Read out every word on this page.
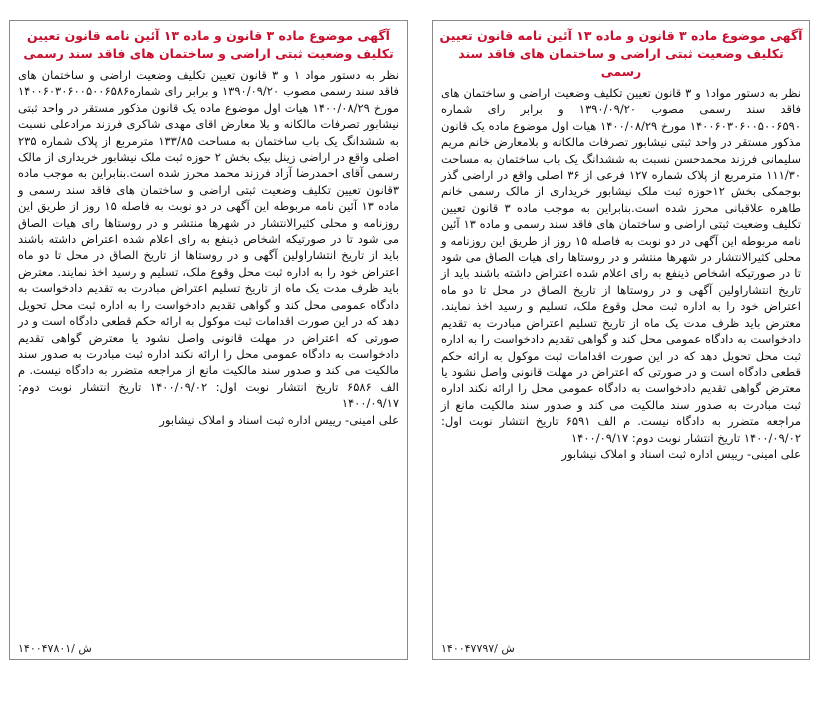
آگهی موضوع ماده ۳ قانون و ماده ۱۳ آئین نامه قانون تعیین تکلیف وضعیت ثبتی اراضی و ساختمان های فاقد سند رسمی

نظر به دستور مواد۱ و ۳ قانون تعیین تکلیف وضعیت اراضی و ساختمان های فاقد سند رسمی مصوب ۱۳۹۰/۰۹/۲۰ و برابر رای شماره ۱۴۰۰۶۰۳۰۶۰۰۵۰۰۶۵۹۰ مورخ ۱۴۰۰/۰۸/۲۹ هیات اول موضوع ماده یک قانون مذکور مستقر در واحد ثبتی نیشابور تصرفات مالکانه و بلامعارض خانم مریم سلیمانی فرزند محمدحسن نسبت به ششدانگ یک باب ساختمان به مساحت ۱۱۱/۳۰ مترمربع از پلاک شماره ۱۲۷ فرعی از ۳۶ اصلی واقع در اراضی گذر بوجمکی بخش ۱۲حوزه ثبت ملک نیشابور خریداری از مالک رسمی خانم طاهره علاقبانی محرز شده است.بنابراین به موجب ماده ۳ قانون تعیین تکلیف وضعیت ثبتی اراضی و ساختمان های فاقد سند رسمی و ماده ۱۳ آئین نامه مربوطه این آگهی در دو نوبت به فاصله ۱۵ روز از طریق این روزنامه و محلی کثیرالانتشار در شهرها منتشر و در روستاها رای هیات الصاق می شود تا در صورتیکه اشخاص ذینفع به رای اعلام شده اعتراض داشته باشند باید از تاریخ انتشاراولین آگهی و در روستاها از تاریخ الصاق در محل تا دو ماه اعتراض خود را به اداره ثبت محل وقوع ملک، تسلیم و رسید اخذ نمایند. معترض باید ظرف مدت یک ماه از تاریخ تسلیم اعتراض مبادرت به تقدیم دادخواست به دادگاه عمومی محل کند و گواهی تقدیم دادخواست را به اداره ثبت محل تحویل دهد که در این صورت اقدامات ثبت موکول به ارائه حکم قطعی دادگاه است و در صورتی که اعتراض در مهلت قانونی واصل نشود یا معترض گواهی تقدیم دادخواست به دادگاه عمومی محل را ارائه نکند اداره ثبت مبادرت به صدور سند مالکیت می کند و صدور سند مالکیت مانع از مراجعه متضرر به دادگاه نیست. م الف ۶۵۹۱ تاریخ انتشار نوبت اول: ۱۴۰۰/۰۹/۰۲ تاریخ انتشار نوبت دوم: ۱۴۰۰/۰۹/۱۷

علی امینی- رییس اداره ثبت اسناد و املاک نیشابور
۱۴۰۰۴۷۷۹۷/ ش
آگهی موضوع ماده ۳ قانون و ماده ۱۳ آئین نامه قانون تعیین تکلیف وضعیت ثبتی اراضی و ساختمان های فاقد سند رسمی

نظر به دستور مواد ۱ و ۳ قانون تعیین تکلیف وضعیت اراضی و ساختمان های فاقد سند رسمی مصوب ۱۳۹۰/۰۹/۲۰ و برابر رای شماره۱۴۰۰۶۰۳۰۶۰۰۵۰۰۶۵۸۶ مورخ ۱۴۰۰/۰۸/۲۹ هیات اول موضوع ماده یک قانون مذکور مستقر در واحد ثبتی نیشابور تصرفات مالکانه و بلا معارض اقای مهدی شاکری فرزند مرادعلی نسبت به ششدانگ یک باب ساختمان به مساحت ۱۳۳/۸۵ مترمربع از پلاک شماره ۲۳۵ اصلی واقع در اراضی زینل بیک بخش ۲ حوزه ثبت ملک نیشابور خریداری از مالک رسمی آقای احمدرضا آزاد فرزند محمد محرز شده است.بنابراین به موجب ماده ۳قانون تعیین تکلیف وضعیت ثبتی اراضی و ساختمان های فاقد سند رسمی و ماده ۱۳ آئین نامه مربوطه این آگهی در دو نوبت به فاصله ۱۵ روز از طریق این روزنامه و محلی کثیرالانتشار در شهرها منتشر و در روستاها رای هیات الصاق می شود تا در صورتیکه اشخاص ذینفع به رای اعلام شده اعتراض داشته باشند باید از تاریخ انتشاراولین آگهی و در روستاها از تاریخ الصاق در محل تا دو ماه اعتراض خود را به اداره ثبت محل وقوع ملک، تسلیم و رسید اخذ نمایند. معترض باید ظرف مدت یک ماه از تاریخ تسلیم اعتراض مبادرت به تقدیم دادخواست به دادگاه عمومی محل کند و گواهی تقدیم دادخواست را به اداره ثبت محل تحویل دهد که در این صورت اقدامات ثبت موکول به ارائه حکم قطعی دادگاه است و در صورتی که اعتراض در مهلت قانونی واصل نشود یا معترض گواهی تقدیم دادخواست به دادگاه عمومی محل را ارائه نکند اداره ثبت مبادرت به صدور سند مالکیت می کند و صدور سند مالکیت مانع از مراجعه متضرر به دادگاه نیست. م الف ۶۵۸۶ تاریخ انتشار نوبت اول: ۱۴۰۰/۰۹/۰۲ تاریخ انتشار نوبت دوم: ۱۴۰۰/۰۹/۱۷

علی امینی- رییس اداره ثبت اسناد و املاک نیشابور
۱۴۰۰۴۷۸۰۱/ ش
